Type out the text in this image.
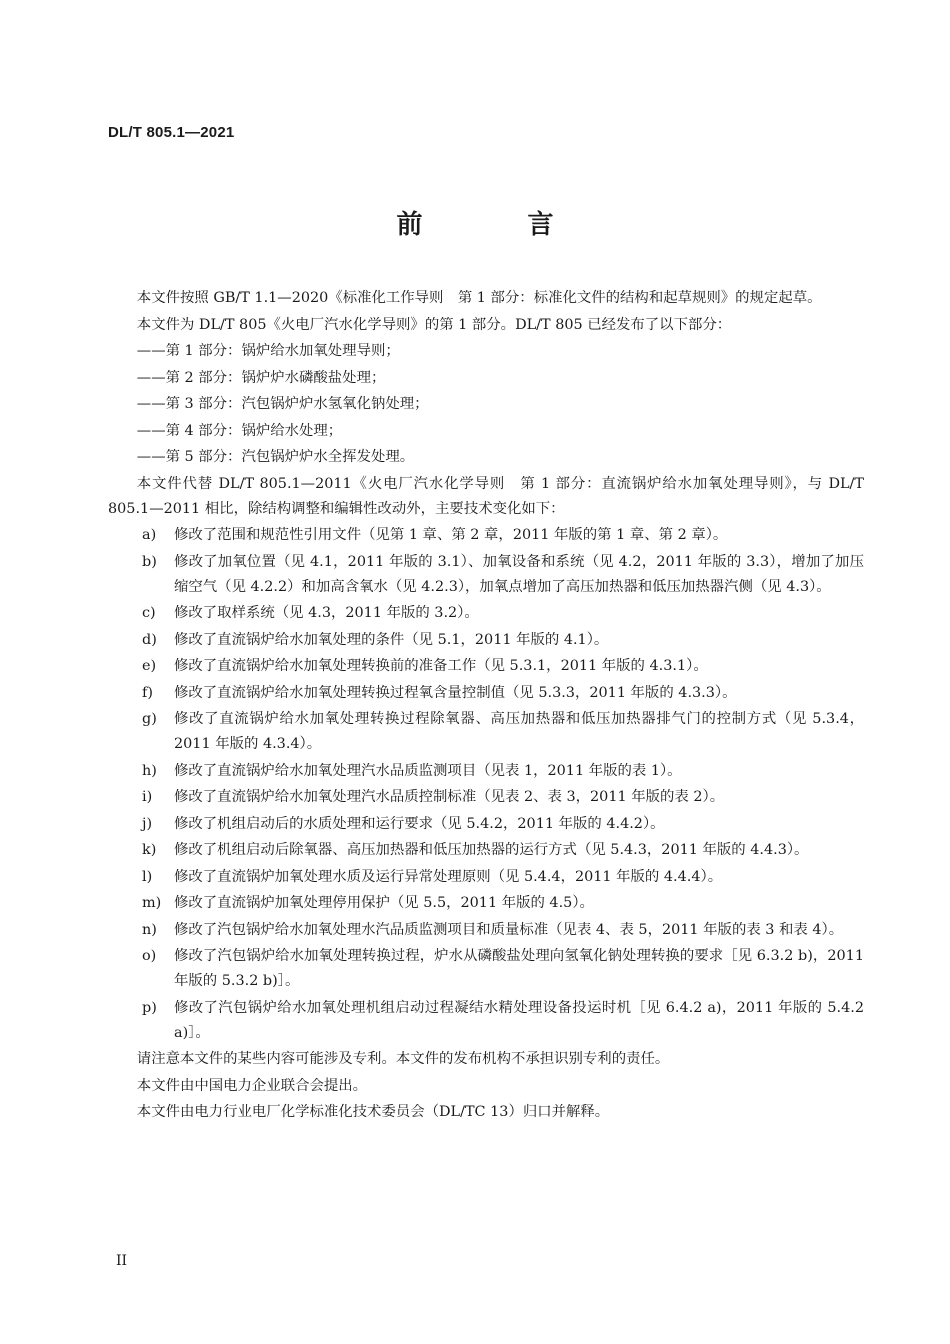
DL/T 805.1—2021
前 言

本文件按照 GB/T 1.1—2020《标准化工作导则　第 1 部分：标准化文件的结构和起草规则》的规定起草。

本文件为 DL/T 805《火电厂汽水化学导则》的第 1 部分。DL/T 805 已经发布了以下部分：

——第 1 部分：锅炉给水加氧处理导则；

——第 2 部分：锅炉炉水磷酸盐处理；

——第 3 部分：汽包锅炉炉水氢氧化钠处理；

——第 4 部分：锅炉给水处理；

——第 5 部分：汽包锅炉炉水全挥发处理。

本文件代替 DL/T 805.1—2011《火电厂汽水化学导则　第 1 部分：直流锅炉给水加氧处理导则》，与 DL/T 805.1—2011 相比，除结构调整和编辑性改动外，主要技术变化如下：

a)	修改了范围和规范性引用文件（见第 1 章、第 2 章，2011 年版的第 1 章、第 2 章）。
b)	修改了加氧位置（见 4.1，2011 年版的 3.1）、加氧设备和系统（见 4.2，2011 年版的 3.3），增加了加压缩空气（见 4.2.2）和加高含氧水（见 4.2.3），加氧点增加了高压加热器和低压加热器汽侧（见 4.3）。
c)	修改了取样系统（见 4.3，2011 年版的 3.2）。
d)	修改了直流锅炉给水加氧处理的条件（见 5.1，2011 年版的 4.1）。
e)	修改了直流锅炉给水加氧处理转换前的准备工作（见 5.3.1，2011 年版的 4.3.1）。
f)	修改了直流锅炉给水加氧处理转换过程氧含量控制值（见 5.3.3，2011 年版的 4.3.3）。
g)	修改了直流锅炉给水加氧处理转换过程除氧器、高压加热器和低压加热器排气门的控制方式（见 5.3.4，2011 年版的 4.3.4）。
h)	修改了直流锅炉给水加氧处理汽水品质监测项目（见表 1，2011 年版的表 1）。
i)	修改了直流锅炉给水加氧处理汽水品质控制标准（见表 2、表 3，2011 年版的表 2）。
j)	修改了机组启动后的水质处理和运行要求（见 5.4.2，2011 年版的 4.4.2）。
k)	修改了机组启动后除氧器、高压加热器和低压加热器的运行方式（见 5.4.3，2011 年版的 4.4.3）。
l)	修改了直流锅炉加氧处理水质及运行异常处理原则（见 5.4.4，2011 年版的 4.4.4）。
m) 修改了直流锅炉加氧处理停用保护（见 5.5，2011 年版的 4.5）。
n)	修改了汽包锅炉给水加氧处理水汽品质监测项目和质量标准（见表 4、表 5，2011 年版的表 3 和表 4）。
o)	修改了汽包锅炉给水加氧处理转换过程，炉水从磷酸盐处理向氢氧化钠处理转换的要求［见 6.3.2 b)，2011 年版的 5.3.2 b)］。
p)	修改了汽包锅炉给水加氧处理机组启动过程凝结水精处理设备投运时机［见 6.4.2 a)，2011 年版的 5.4.2 a)］。

请注意本文件的某些内容可能涉及专利。本文件的发布机构不承担识别专利的责任。

本文件由中国电力企业联合会提出。

本文件由电力行业电厂化学标准化技术委员会（DL/TC 13）归口并解释。

II
